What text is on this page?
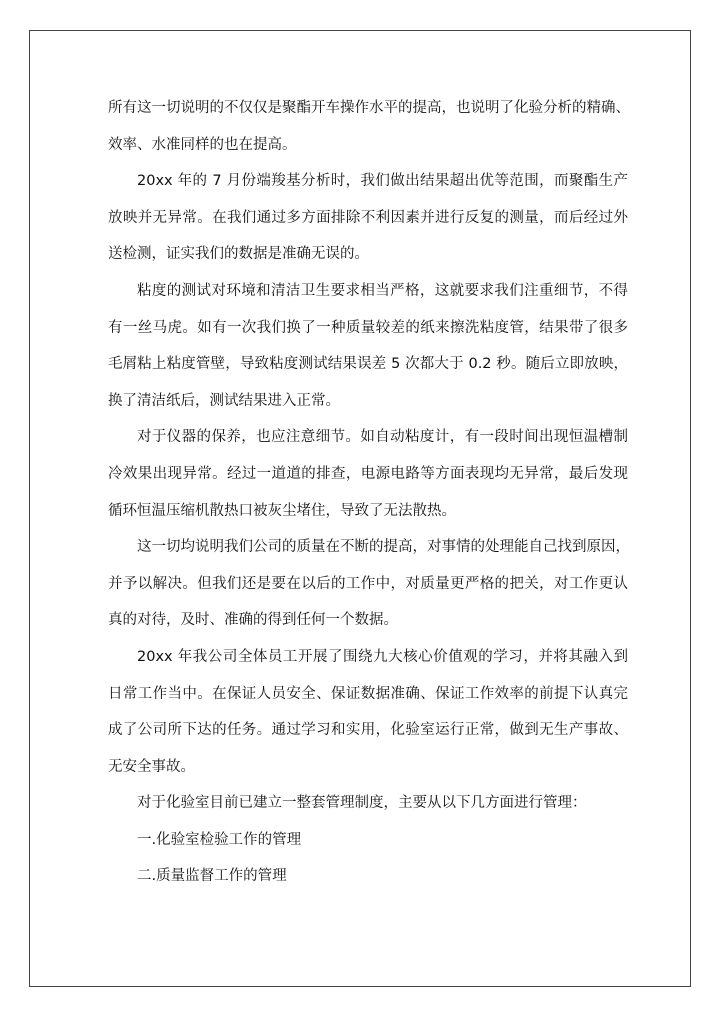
所有这一切说明的不仅仅是聚酯开车操作水平的提高，也说明了化验分析的精确、
效率、水准同样的也在提高。
20xx 年的 7 月份端羧基分析时，我们做出结果超出优等范围，而聚酯生产
放映并无异常。在我们通过多方面排除不利因素并进行反复的测量，而后经过外
送检测，证实我们的数据是准确无误的。
粘度的测试对环境和清洁卫生要求相当严格，这就要求我们注重细节，不得
有一丝马虎。如有一次我们换了一种质量较差的纸来擦洗粘度管，结果带了很多
毛屑粘上粘度管壁，导致粘度测试结果误差 5 次都大于 0.2 秒。随后立即放映，
换了清洁纸后，测试结果进入正常。
对于仪器的保养，也应注意细节。如自动粘度计，有一段时间出现恒温槽制
冷效果出现异常。经过一道道的排查，电源电路等方面表现均无异常，最后发现
循环恒温压缩机散热口被灰尘堵住，导致了无法散热。
这一切均说明我们公司的质量在不断的提高，对事情的处理能自己找到原因，
并予以解决。但我们还是要在以后的工作中，对质量更严格的把关，对工作更认
真的对待，及时、准确的得到任何一个数据。
20xx 年我公司全体员工开展了围绕九大核心价值观的学习，并将其融入到
日常工作当中。在保证人员安全、保证数据准确、保证工作效率的前提下认真完
成了公司所下达的任务。通过学习和实用，化验室运行正常，做到无生产事故、
无安全事故。
对于化验室目前已建立一整套管理制度，主要从以下几方面进行管理：
一.化验室检验工作的管理
二.质量监督工作的管理
